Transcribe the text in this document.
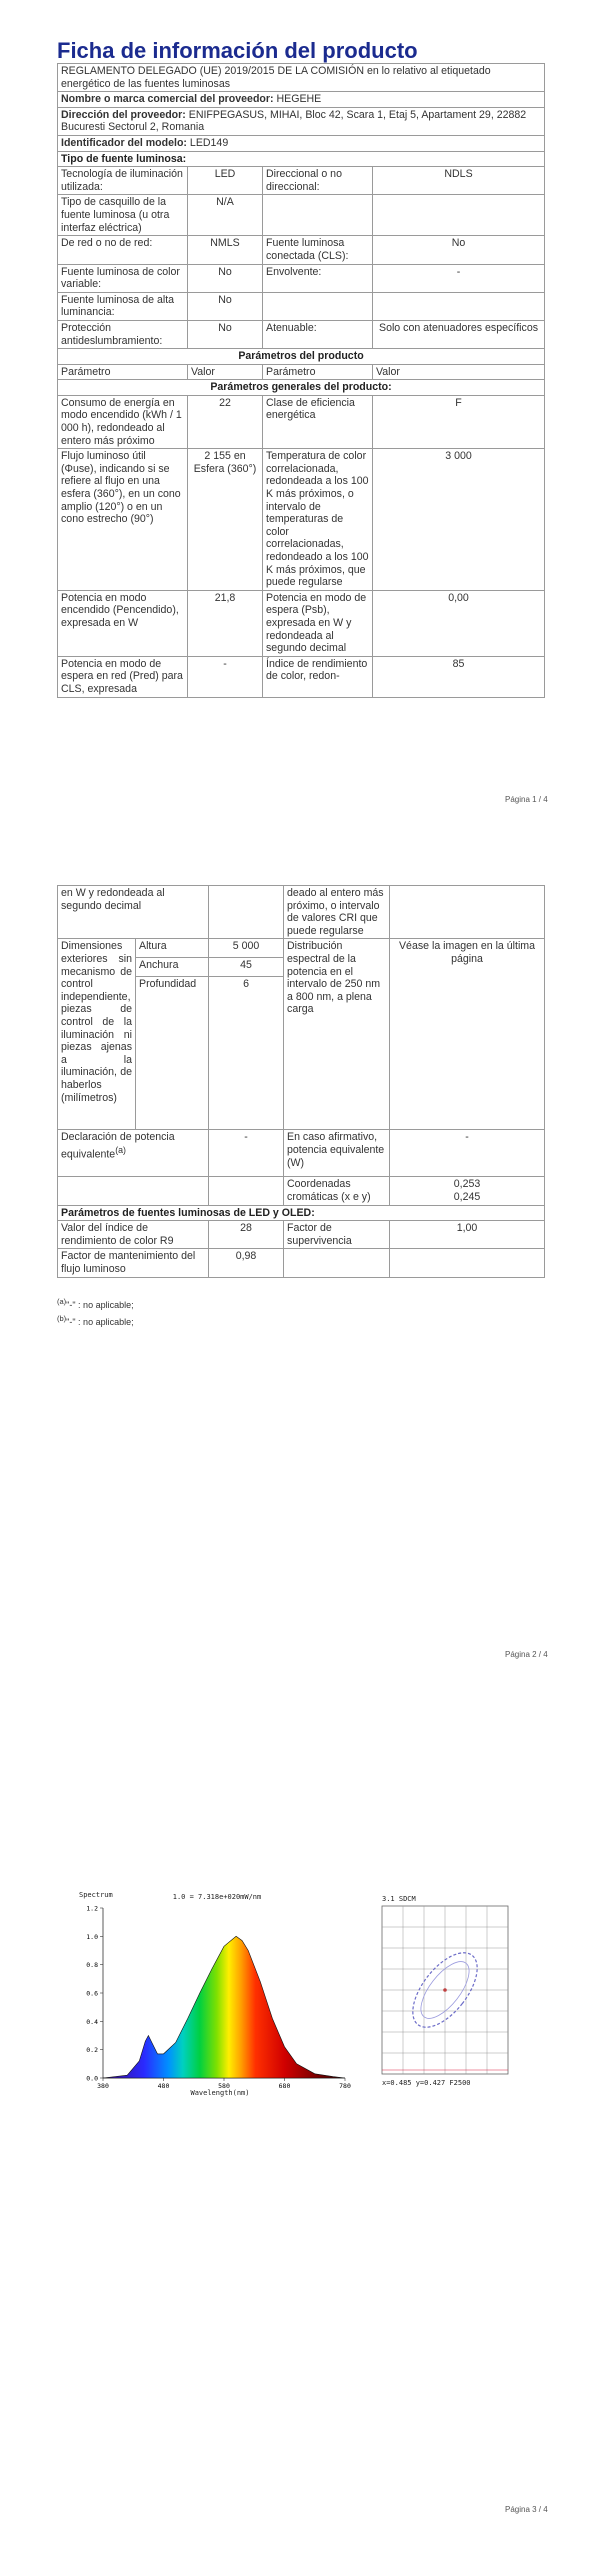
Ficha de información del producto
REGLAMENTO DELEGADO (UE) 2019/2015 DE LA COMISIÓN en lo relativo al etiquetado energético de las fuentes luminosas			
Nombre o marca comercial del proveedor: HEGEHE			
Dirección del proveedor: ENIFPEGASUS, MIHAI, Bloc 42, Scara 1, Etaj 5, Apartament 29, 22882 Bucuresti Sectorul 2, Romania			
Identificador del modelo: LED149			
Tipo de fuente luminosa:			
Tecnología de iluminación utilizada:	LED	Direccional o no direccional:	NDLS
Tipo de casquillo de la fuente luminosa (u otra interfaz eléctrica)	N/A		
De red o no de red:	NMLS	Fuente luminosa conectada (CLS):	No
Fuente luminosa de color variable:	No	Envolvente:	-
Fuente luminosa de alta luminancia:	No		
Protección antideslumbramiento:	No	Atenuable:	Solo con atenuadores específicos
Parámetros del producto			
Parámetro	Valor	Parámetro	Valor
Parámetros generales del producto:			
Consumo de energía en modo encendido (kWh / 1 000 h), redondeado al entero más próximo	22	Clase de eficiencia energética	F
Flujo luminoso útil (Φuse), indicando si se refiere al flujo en una esfera (360°), en un cono amplio (120°) o en un cono estrecho (90°)	2 155 en Esfera (360°)	Temperatura de color correlacionada, redondeada a los 100 K más próximos, o intervalo de temperaturas de color correlacionadas, redondeado a los 100 K más próximos, que puede regularse	3 000
Potencia en modo encendido (Pencendido), expresada en W	21,8	Potencia en modo de espera (Psb), expresada en W y redondeada al segundo decimal	0,00
Potencia en modo de espera en red (Pred) para CLS, expresada	-	Índice de rendimiento de color, redon-	85
Página 1 / 4
en W y redondeada al segundo decimal			deado al entero más próximo, o intervalo de valores CRI que puede regularse	
Dimensiones exteriores sin mecanismo de control independiente, piezas de control de la iluminación ni piezas ajenas a la iluminación, de haberlos (milímetros)	Altura	5 000	Distribución espectral de la potencia en el intervalo de 250 nm a 800 nm, a plena carga	Véase la imagen en la última página
	Anchura	45		
	Profundidad	6		
Declaración de potencia equivalente$^{(a)}$		-	En caso afirmativo, potencia equivalente (W)	-
			Coordenadas cromáticas (x e y)	0,253
0,245

Parámetros de fuentes luminosas de LED y OLED:				
Valor del índice de rendimiento de color R9		28	Factor de supervivencia	1,00
Factor de mantenimiento del flujo luminoso		0,98		
$^{(a)}$"-" : no aplicable;
$^{(b)}$"-" : no aplicable;
Página 2 / 4
Spectrum	1.0 = 7.318e+020mW/nm
Wavelength(nm)
0.0
0.2
0.4
0.6
0.8
1.0
1.2
380	480	580	680	780
3.1 SDCM
x=0.485 y=0.427 F2500
Página 3 / 4
